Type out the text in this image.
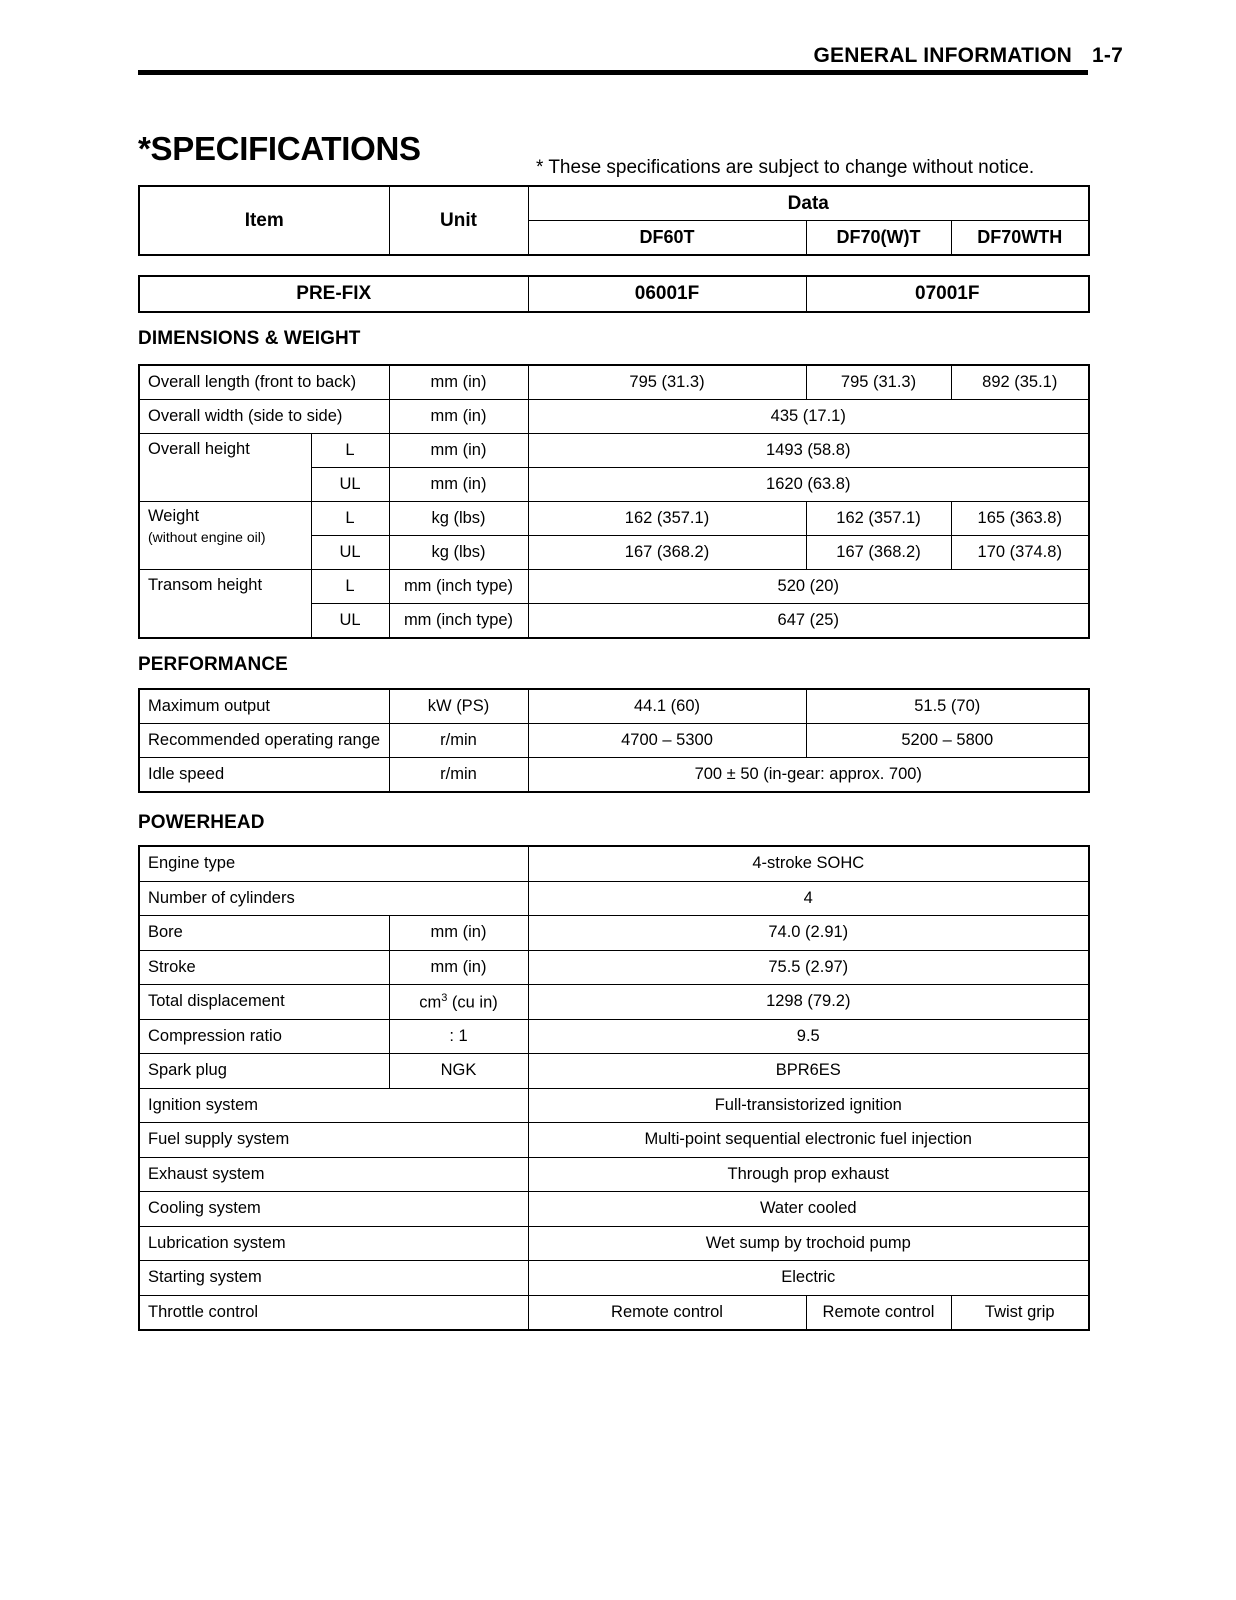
GENERAL INFORMATION 1-7
*SPECIFICATIONS
* These specifications are subject to change without notice.
Item	Unit	Data		
		DF60T	DF70(W)T	DF70WTH
PRE-FIX	06001F	07001F
DIMENSIONS & WEIGHT
Overall length (front to back)		mm (in)	795 (31.3)	795 (31.3)	892 (35.1)
Overall width (side to side)		mm (in)	435 (17.1)		
Overall height	L	mm (in)	1493 (58.8)		
	UL	mm (in)	1620 (63.8)		
Weight
(without engine oil)	L	kg (lbs)	162 (357.1)	162 (357.1)	165 (363.8)
	UL	kg (lbs)	167 (368.2)	167 (368.2)	170 (374.8)
Transom height	L	mm (inch type)	520 (20)		
	UL	mm (inch type)	647 (25)		
PERFORMANCE
Maximum output	kW (PS)	44.1 (60)	51.5 (70)
Recommended operating range	r/min	4700 – 5300	5200 – 5800
Idle speed	r/min	700 ± 50 (in-gear: approx. 700)	
POWERHEAD
Engine type		4-stroke SOHC		
Number of cylinders		4		
Bore	mm (in)	74.0 (2.91)		
Stroke	mm (in)	75.5 (2.97)		
Total displacement	$cm^3$ (cu in)	1298 (79.2)		
Compression ratio	: 1	9.5		
Spark plug	NGK	BPR6ES		
Ignition system		Full-transistorized ignition		
Fuel supply system		Multi-point sequential electronic fuel injection		
Exhaust system		Through prop exhaust		
Cooling system		Water cooled		
Lubrication system		Wet sump by trochoid pump		
Starting system		Electric		
Throttle control		Remote control	Remote control	Twist grip
